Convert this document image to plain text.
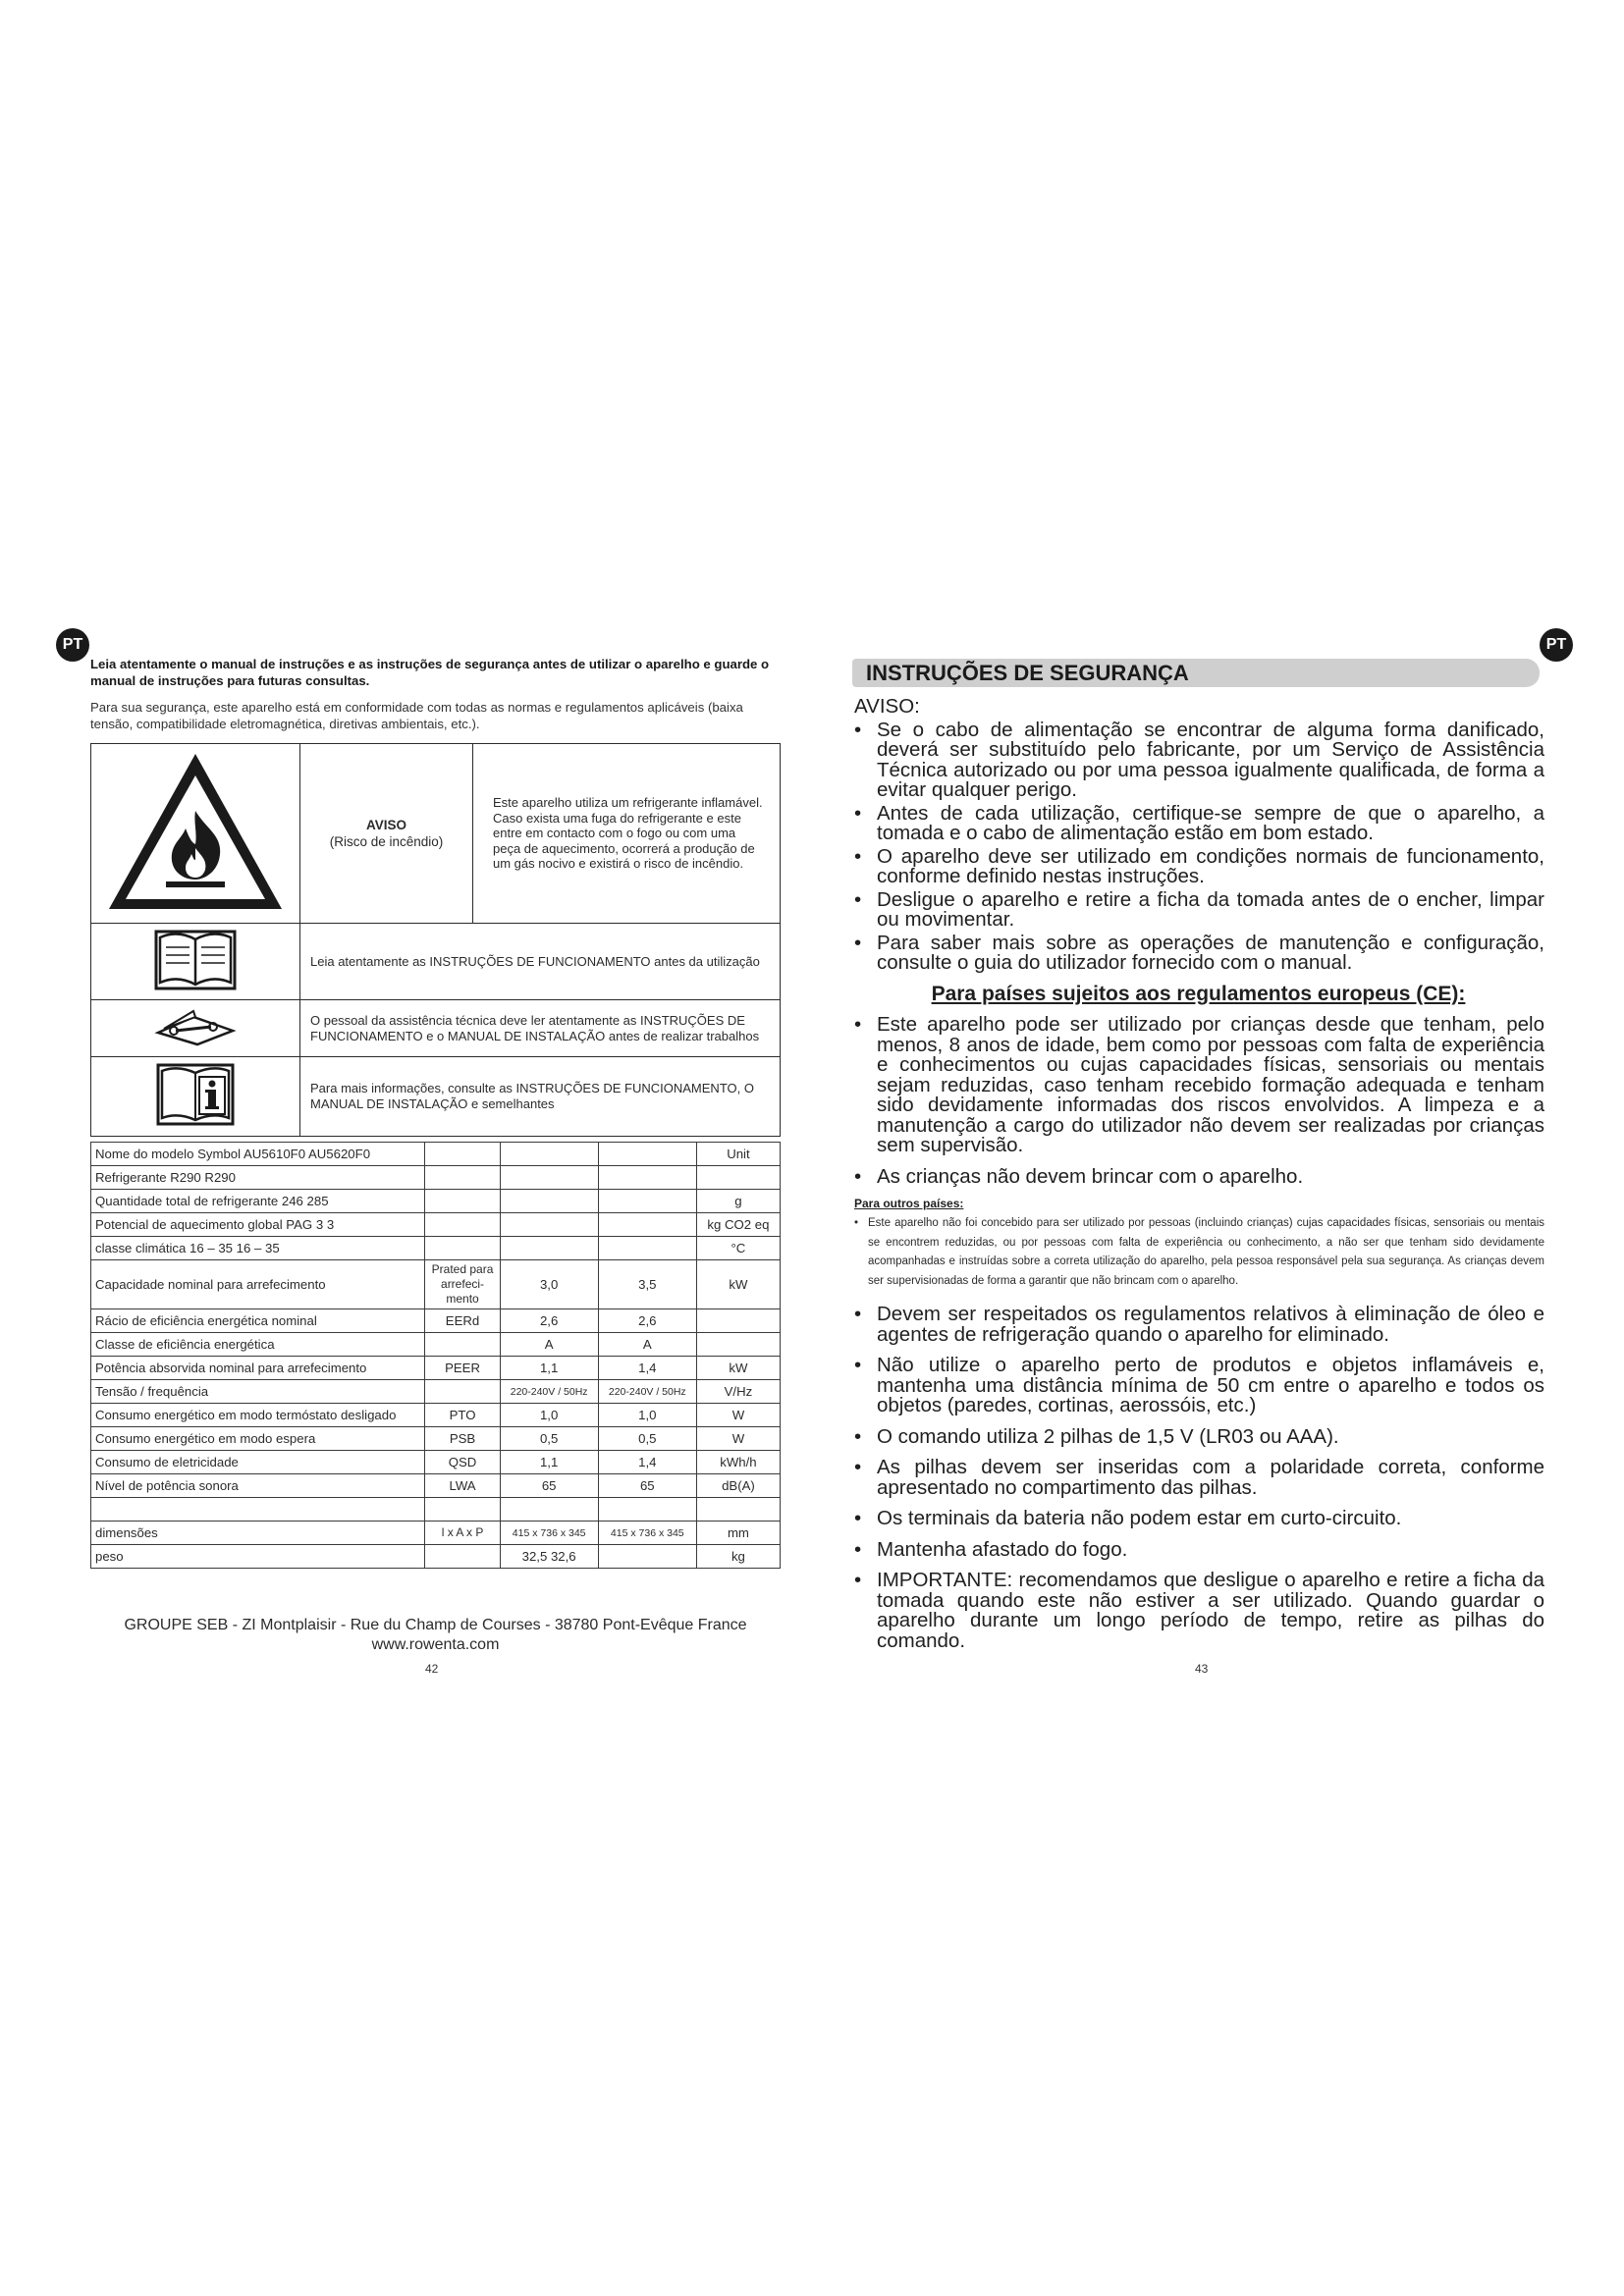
PT
Leia atentamente o manual de instruções e as instruções de segurança antes de utilizar o aparelho e guarde o manual de instruções para futuras consultas.
Para sua segurança, este aparelho está em conformidade com todas as normas e regulamentos aplicáveis (baixa tensão, compatibilidade eletromagnética, diretivas ambientais, etc.).

AVISO
(Risco de incêndio)	Este aparelho utiliza um refrigerante inflamável. Caso exista uma fuga do refrigerante e este entre em contacto com o fogo ou com uma peça de aquecimento, ocorrerá a produção de um gás nocivo e existirá o risco de incêndio.
	Leia atentamente as INSTRUÇÕES DE FUNCIONAMENTO antes da utilização	
	O pessoal da assistência técnica deve ler atentamente as INSTRUÇÕES DE FUNCIONAMENTO e o MANUAL DE INSTALAÇÃO antes de realizar trabalhos	
	Para mais informações, consulte as INSTRUÇÕES DE FUNCIONAMENTO, O MANUAL DE INSTALAÇÃO e semelhantes	
Nome do modelo Symbol AU5610F0 AU5620F0				Unit
Refrigerante R290 R290				
Quantidade total de refrigerante 246 285				g
Potencial de aquecimento global PAG 3 3				kg CO2 eq
classe climática 16 – 35 16 – 35				°C
Capacidade nominal para arrefecimento	Prated para arrefeci-mento	3,0	3,5	kW
Rácio de eficiência energética nominal	EERd	2,6	2,6	
Classe de eficiência energética		A	A	
Potência absorvida nominal para arrefecimento	PEER	1,1	1,4	kW
Tensão / frequência		220-240V / 50Hz	220-240V / 50Hz	V/Hz
Consumo energético em modo termóstato desligado	PTO	1,0	1,0	W
Consumo energético em modo espera	PSB	0,5	0,5	W
Consumo de eletricidade	QSD	1,1	1,4	kWh/h
Nível de potência sonora	LWA	65	65	dB(A)

dimensões	l x A x P	415 x 736 x 345	415 x 736 x 345	mm
peso		32,5 32,6		kg
GROUPE SEB - ZI Montplaisir - Rue du Champ de Courses - 38780 Pont-Evêque France
www.rowenta.com
42
PT
INSTRUÇÕES DE SEGURANÇA
AVISO:
• Se o cabo de alimentação se encontrar de alguma forma danificado, deverá ser substituído pelo fabricante, por um Serviço de Assistência Técnica autorizado ou por uma pessoa igualmente qualificada, de forma a evitar qualquer perigo.
• Antes de cada utilização, certifique-se sempre de que o aparelho, a tomada e o cabo de alimentação estão em bom estado.
• O aparelho deve ser utilizado em condições normais de funcionamento, conforme definido nestas instruções.
• Desligue o aparelho e retire a ficha da tomada antes de o encher, limpar ou movimentar.
• Para saber mais sobre as operações de manutenção e configuração, consulte o guia do utilizador fornecido com o manual.
Para países sujeitos aos regulamentos europeus (CE):
• Este aparelho pode ser utilizado por crianças desde que tenham, pelo menos, 8 anos de idade, bem como por pessoas com falta de experiência e conhecimentos ou cujas capacidades físicas, sensoriais ou mentais sejam reduzidas, caso tenham recebido formação adequada e tenham sido devidamente informadas dos riscos envolvidos. A limpeza e a manutenção a cargo do utilizador não devem ser realizadas por crianças sem supervisão.
• As crianças não devem brincar com o aparelho.
Para outros países:
• Este aparelho não foi concebido para ser utilizado por pessoas (incluindo crianças) cujas capacidades físicas, sensoriais ou mentais se encontrem reduzidas, ou por pessoas com falta de experiência ou conhecimento, a não ser que tenham sido devidamente acompanhadas e instruídas sobre a correta utilização do aparelho, pela pessoa responsável pela sua segurança. As crianças devem ser supervisionadas de forma a garantir que não brincam com o aparelho.
• Devem ser respeitados os regulamentos relativos à eliminação de óleo e agentes de refrigeração quando o aparelho for eliminado.
• Não utilize o aparelho perto de produtos e objetos inflamáveis e, mantenha uma distância mínima de 50 cm entre o aparelho e todos os objetos (paredes, cortinas, aerossóis, etc.)
• O comando utiliza 2 pilhas de 1,5 V (LR03 ou AAA).
• As pilhas devem ser inseridas com a polaridade correta, conforme apresentado no compartimento das pilhas.
• Os terminais da bateria não podem estar em curto-circuito.
• Mantenha afastado do fogo.
• IMPORTANTE: recomendamos que desligue o aparelho e retire a ficha da tomada quando este não estiver a ser utilizado. Quando guardar o aparelho durante um longo período de tempo, retire as pilhas do comando.
43
